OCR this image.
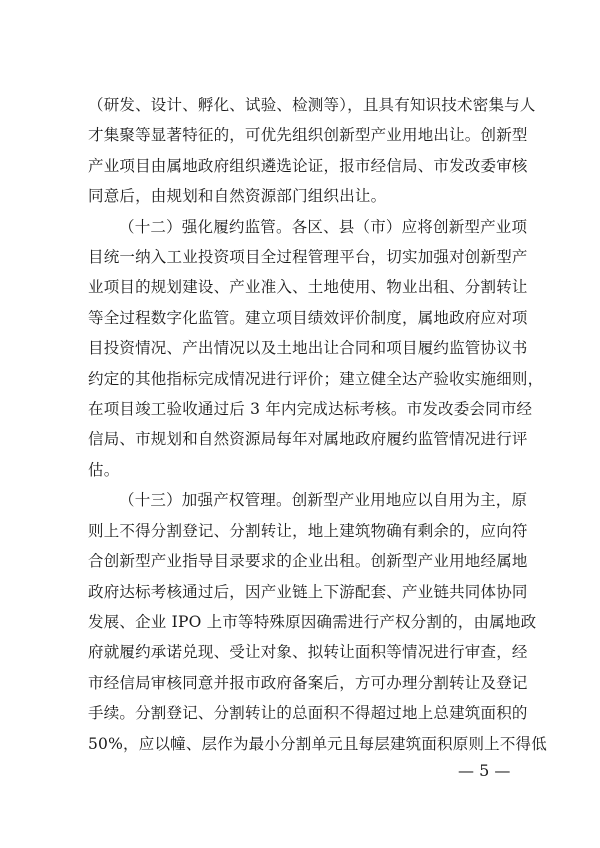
（研发、设计、孵化、试验、检测等），且具有知识技术密集与人
才集聚等显著特征的，可优先组织创新型产业用地出让。创新型
产业项目由属地政府组织遴选论证，报市经信局、市发改委审核
同意后，由规划和自然资源部门组织出让。
（十二）强化履约监管。各区、县（市）应将创新型产业项
目统一纳入工业投资项目全过程管理平台，切实加强对创新型产
业项目的规划建设、产业准入、土地使用、物业出租、分割转让
等全过程数字化监管。建立项目绩效评价制度，属地政府应对项
目投资情况、产出情况以及土地出让合同和项目履约监管协议书
约定的其他指标完成情况进行评价；建立健全达产验收实施细则，
在项目竣工验收通过后 3 年内完成达标考核。市发改委会同市经
信局、市规划和自然资源局每年对属地政府履约监管情况进行评
估。
（十三）加强产权管理。创新型产业用地应以自用为主，原
则上不得分割登记、分割转让，地上建筑物确有剩余的，应向符
合创新型产业指导目录要求的企业出租。创新型产业用地经属地
政府达标考核通过后，因产业链上下游配套、产业链共同体协同
发展、企业 IPO 上市等特殊原因确需进行产权分割的，由属地政
府就履约承诺兑现、受让对象、拟转让面积等情况进行审查，经
市经信局审核同意并报市政府备案后，方可办理分割转让及登记
手续。分割登记、分割转让的总面积不得超过地上总建筑面积的
50%，应以幢、层作为最小分割单元且每层建筑面积原则上不得低
— 5 —
